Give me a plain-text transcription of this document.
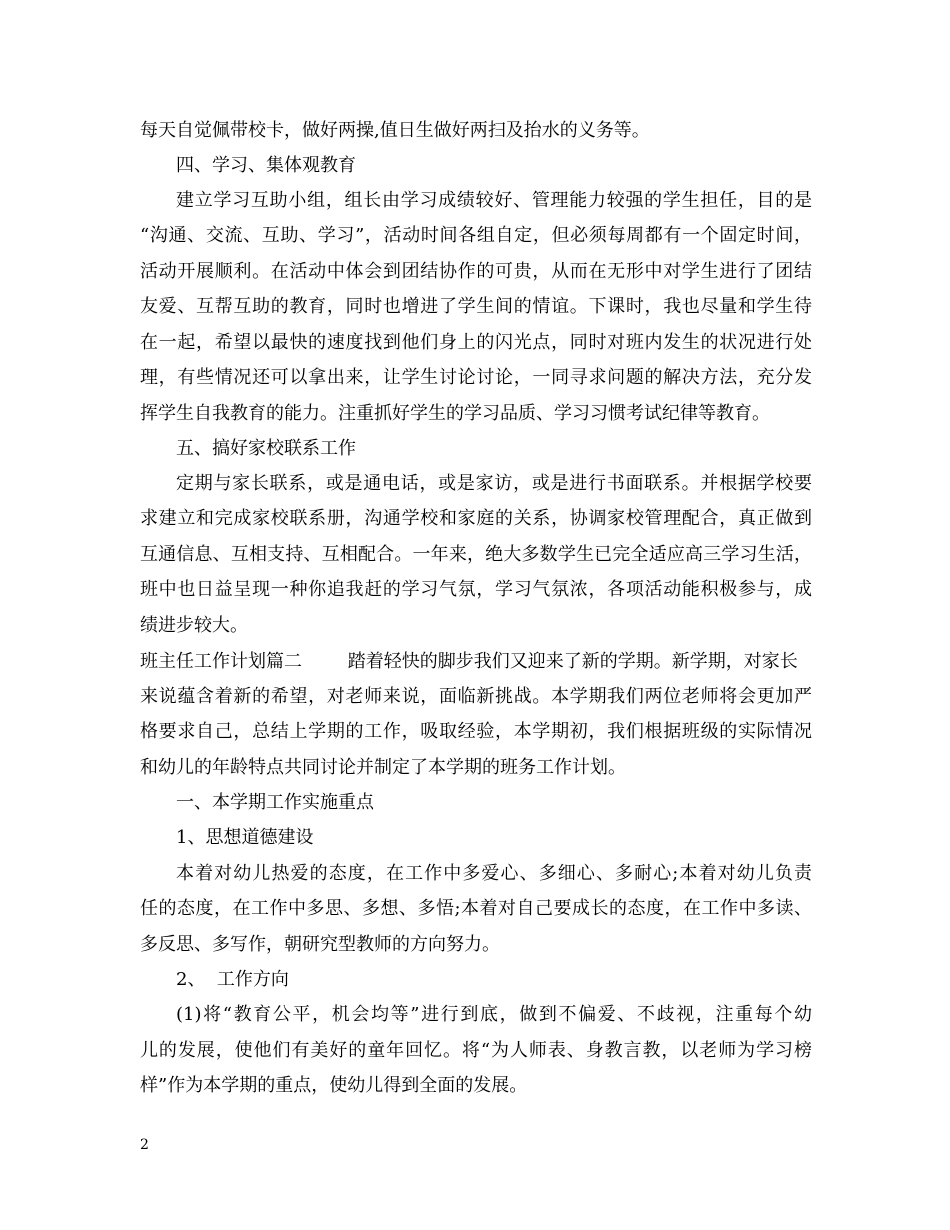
每天自觉佩带校卡，做好两操,值日生做好两扫及抬水的义务等。
四、学习、集体观教育
建立学习互助小组，组长由学习成绩较好、管理能力较强的学生担任，目的是
“沟通、交流、互助、学习”，活动时间各组自定，但必须每周都有一个固定时间，
活动开展顺利。在活动中体会到团结协作的可贵，从而在无形中对学生进行了团结
友爱、互帮互助的教育，同时也增进了学生间的情谊。下课时，我也尽量和学生待
在一起，希望以最快的速度找到他们身上的闪光点，同时对班内发生的状况进行处
理，有些情况还可以拿出来，让学生讨论讨论，一同寻求问题的解决方法，充分发
挥学生自我教育的能力。注重抓好学生的学习品质、学习习惯考试纪律等教育。
五、搞好家校联系工作
定期与家长联系，或是通电话，或是家访，或是进行书面联系。并根据学校要
求建立和完成家校联系册，沟通学校和家庭的关系，协调家校管理配合，真正做到
互通信息、互相支持、互相配合。一年来，绝大多数学生已完全适应高三学习生活，
班中也日益呈现一种你追我赶的学习气氛，学习气氛浓，各项活动能积极参与，成
绩进步较大。
班主任工作计划篇二        踏着轻快的脚步我们又迎来了新的学期。新学期，对家长
来说蕴含着新的希望，对老师来说，面临新挑战。本学期我们两位老师将会更加严
格要求自己，总结上学期的工作，吸取经验，本学期初，我们根据班级的实际情况
和幼儿的年龄特点共同讨论并制定了本学期的班务工作计划。
一、本学期工作实施重点
1、思想道德建设
本着对幼儿热爱的态度，在工作中多爱心、多细心、多耐心;本着对幼儿负责
任的态度，在工作中多思、多想、多悟;本着对自己要成长的态度，在工作中多读、
多反思、多写作，朝研究型教师的方向努力。
2、  工作方向
(1)将“教育公平，机会均等”进行到底，做到不偏爱、不歧视，注重每个幼
儿的发展，使他们有美好的童年回忆。将“为人师表、身教言教，以老师为学习榜
样”作为本学期的重点，使幼儿得到全面的发展。
2
